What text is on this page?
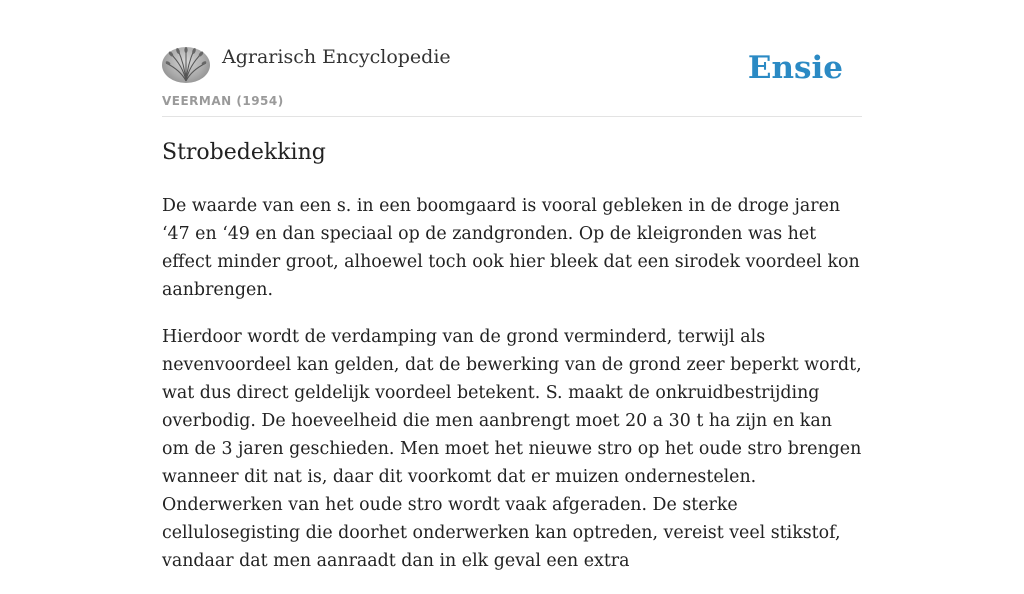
Agrarisch Encyclopedie
VEERMAN (1954)
Ensie
Strobedekking

De waarde van een s. in een boomgaard is vooral gebleken in de droge jaren ‘47 en ‘49 en dan speciaal op de zandgronden. Op de kleigronden was het effect minder groot, alhoewel toch ook hier bleek dat een sirodek voordeel kon aanbrengen.

Hierdoor wordt de verdamping van de grond verminderd, terwijl als nevenvoordeel kan gelden, dat de bewerking van de grond zeer beperkt wordt, wat dus direct geldelijk voordeel betekent. S. maakt de onkruidbestrijding overbodig. De hoeveelheid die men aanbrengt moet 20 a 30 t ha zijn en kan om de 3 jaren geschieden. Men moet het nieuwe stro op het oude stro brengen wanneer dit nat is, daar dit voorkomt dat er muizen ondernestelen. Onderwerken van het oude stro wordt vaak afgeraden. De sterke cellulosegisting die doorhet onderwerken kan optreden, vereist veel stikstof, vandaar dat men aanraadt dan in elk geval een extra
